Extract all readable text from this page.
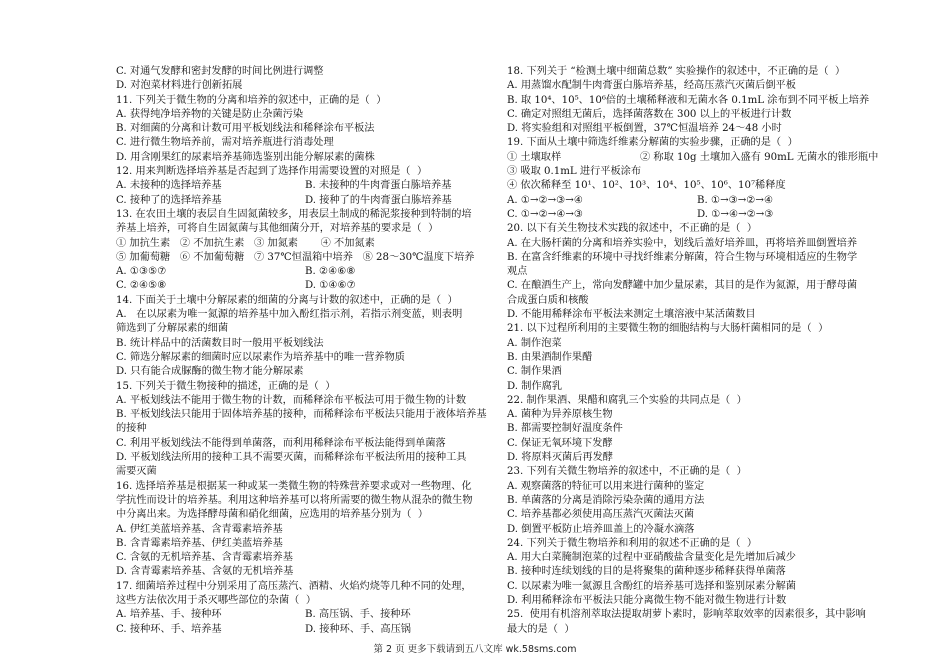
C. 对通气发酵和密封发酵的时间比例进行调整
D. 对泡菜材料进行创新拓展
11. 下列关于微生物的分离和培养的叙述中，正确的是（  ）
A. 获得纯净培养物的关键是防止杂菌污染
B. 对细菌的分离和计数可用平板划线法和稀释涂布平板法
C. 进行微生物培养前，需对培养瓶进行消毒处理
D. 用含刚果红的尿素培养基筛选鉴别出能分解尿素的菌株
12. 用来判断选择培养基是否起到了选择作用需要设置的对照是（  ）
A. 未接种的选择培养基	B. 未接种的牛肉膏蛋白胨培养基
C. 接种了的选择培养基	D. 接种了的牛肉膏蛋白胨培养基
13. 在农田土壤的表层自生固氮菌较多，用表层土制成的稀泥浆接种到特制的培
养基上培养，可将自生固氮菌与其他细菌分开，对培养基的要求是（  ）
① 加抗生素   ② 不加抗生素   ③ 加氮素       ④ 不加氮素
⑤ 加葡萄糖   ⑥ 不加葡萄糖   ⑦ 37℃恒温箱中培养   ⑧ 28～30℃温度下培养
A. ①③⑤⑦	B. ②④⑥⑧
C. ②④⑤⑧	D. ①④⑥⑦
14. 下面关于土壤中分解尿素的细菌的分离与计数的叙述中，正确的是（  ）
A.   在以尿素为唯一氮源的培养基中加入酚红指示剂，若指示剂变蓝，则表明
筛选到了分解尿素的细菌
B. 统计样品中的活菌数目时一般用平板划线法
C. 筛选分解尿素的细菌时应以尿素作为培养基中的唯一营养物质
D. 只有能合成脲酶的微生物才能分解尿素
15. 下列关于微生物接种的描述，正确的是（  ）
A. 平板划线法不能用于微生物的计数，而稀释涂布平板法可用于微生物的计数
B. 平板划线法只能用于固体培养基的接种，而稀释涂布平板法只能用于液体培养基
的接种
C. 利用平板划线法不能得到单菌落，而利用稀释涂布平板法能得到单菌落
D. 平板划线法所用的接种工具不需要灭菌，而稀释涂布平板法所用的接种工具
需要灭菌
16. 选择培养基是根据某一种或某一类微生物的特殊营养要求或对一些物理、化
学抗性而设计的培养基。利用这种培养基可以将所需要的微生物从混杂的微生物
中分离出来。为选择酵母菌和硝化细菌，应选用的培养基分别为（  ）
A. 伊红美蓝培养基、含青霉素培养基
B. 含青霉素培养基、伊红美蓝培养基
C. 含氨的无机培养基、含青霉素培养基
D. 含青霉素培养基、含氨的无机培养基
17. 细菌培养过程中分别采用了高压蒸汽、酒精、火焰灼烧等几种不同的处理，
这些方法依次用于杀灭哪些部位的杂菌（  ）
A. 培养基、手、接种环	B. 高压锅、手、接种环
C. 接种环、手、培养基	D. 接种环、手、高压锅
18. 下列关于 “检测土壤中细菌总数” 实验操作的叙述中，不正确的是（  ）
A. 用蒸馏水配制牛肉膏蛋白胨培养基，经高压蒸汽灭菌后倒平板
B. 取 10⁴、10⁵、10⁶倍的土壤稀释液和无菌水各 0.1mL 涂布到不同平板上培养
C. 确定对照组无菌后，选择菌落数在 300 以上的平板进行计数
D. 将实验组和对照组平板倒置，37℃恒温培养 24～48 小时
19. 下面从土壤中筛选纤维素分解菌的实验步骤，正确的是（  ）
① 土壤取样	② 称取 10g 土壤加入盛有 90mL 无菌水的锥形瓶中
③ 吸取 0.1mL 进行平板涂布
④ 依次稀释至 10¹、10²、10³、10⁴、10⁵、10⁶、10⁷稀释度
A. ①→②→③→④	B. ①→③→②→④
C. ①→②→④→③	D. ①→④→②→③
20. 以下有关生物技术实践的叙述中，不正确的是（  ）
A. 在大肠杆菌的分离和培养实验中，划线后盖好培养皿，再将培养皿倒置培养
B. 在富含纤维素的环境中寻找纤维素分解菌，符合生物与环境相适应的生物学
观点
C. 在酿酒生产上，常向发酵罐中加少量尿素，其目的是作为氮源，用于酵母菌
合成蛋白质和核酸
D. 不能用稀释涂布平板法来测定土壤溶液中某活菌数目
21. 以下过程所利用的主要微生物的细胞结构与大肠杆菌相同的是（  ）
A. 制作泡菜
B. 由果酒制作果醋
C. 制作果酒
D. 制作腐乳
22. 制作果酒、果醋和腐乳三个实验的共同点是（  ）
A. 菌种为异养原核生物
B. 都需要控制好温度条件
C. 保证无氧环境下发酵
D. 将原料灭菌后再发酵
23. 下列有关微生物培养的叙述中，不正确的是（  ）
A. 观察菌落的特征可以用来进行菌种的鉴定
B. 单菌落的分离是消除污染杂菌的通用方法
C. 培养基都必须使用高压蒸汽灭菌法灭菌
D. 倒置平板防止培养皿盖上的冷凝水滴落
24. 下列关于微生物培养和利用的叙述不正确的是（  ）
A. 用大白菜腌制泡菜的过程中亚硝酸盐含量变化是先增加后减少
B. 接种时连续划线的目的是将聚集的菌种逐步稀释获得单菌落
C. 以尿素为唯一氮源且含酚红的培养基可选择和鉴别尿素分解菌
D. 利用稀释涂布平板法只能分离微生物不能对微生物进行计数
25.  使用有机溶剂萃取法提取胡萝卜素时，影响萃取效率的因素很多，其中影响
最大的是（  ）
第 2 页 更多下载请到五八文库 wk.58sms.com
